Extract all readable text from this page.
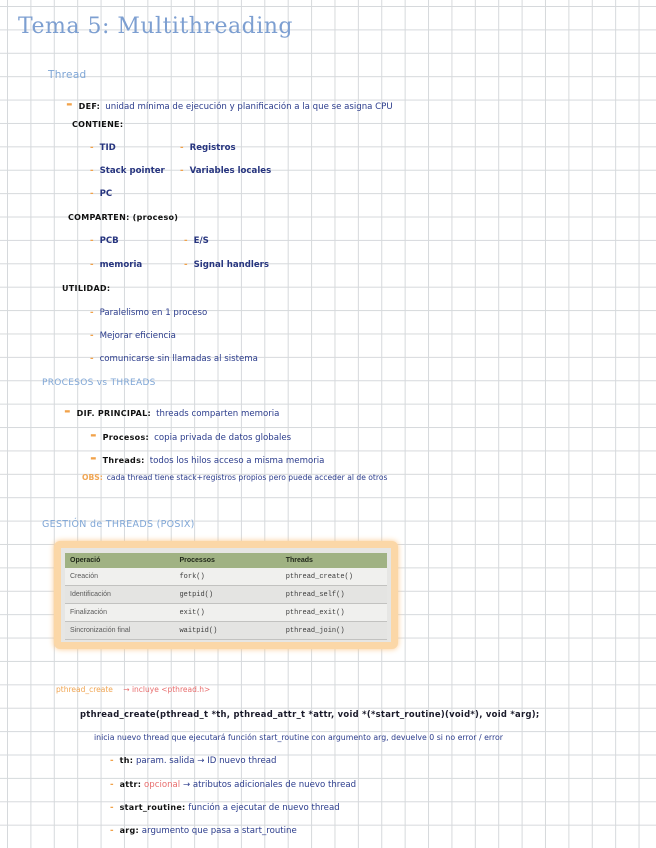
Tema 5: Multithreading
Thread
- DEF: unidad mínima de ejecución y planificación a la que se asigna CPU
CONTIENE:
- TID
- Stack pointer
- PC
- Registros
- Variables locales
COMPARTEN: (proceso)
- PCB
- memoria
- E/S
- Signal handlers
UTILIDAD:
- Paralelismo en 1 proceso
- Mejorar eficiencia
- comunicarse sin llamadas al sistema
PROCESOS vs THREADS
- DIF. PRINCIPAL: threads comparten memoria
- Procesos: copia privada de datos globales
- Threads: todos los hilos acceso a misma memoria
OBS: cada thread tiene stack+registros propios pero puede acceder al de otros
GESTIÓN de THREADS (POSIX)
Operació	Processos	Threads
Creación	fork()	pthread_create()
Identificación	getpid()	pthread_self()
Finalización	exit()	pthread_exit()
Sincronización final	waitpid()	pthread_join()
pthread_create → incluye <pthread.h>
pthread_create(pthread_t *th, pthread_attr_t *attr, void *(*start_routine)(void*), void *arg);
inicia nuevo thread que ejecutará función start_routine con argumento arg, devuelve 0 si no error / error
- th: param. salida → ID nuevo thread
- attr: opcional → atributos adicionales de nuevo thread
- start_routine: función a ejecutar de nuevo thread
- arg: argumento que pasa a start_routine
